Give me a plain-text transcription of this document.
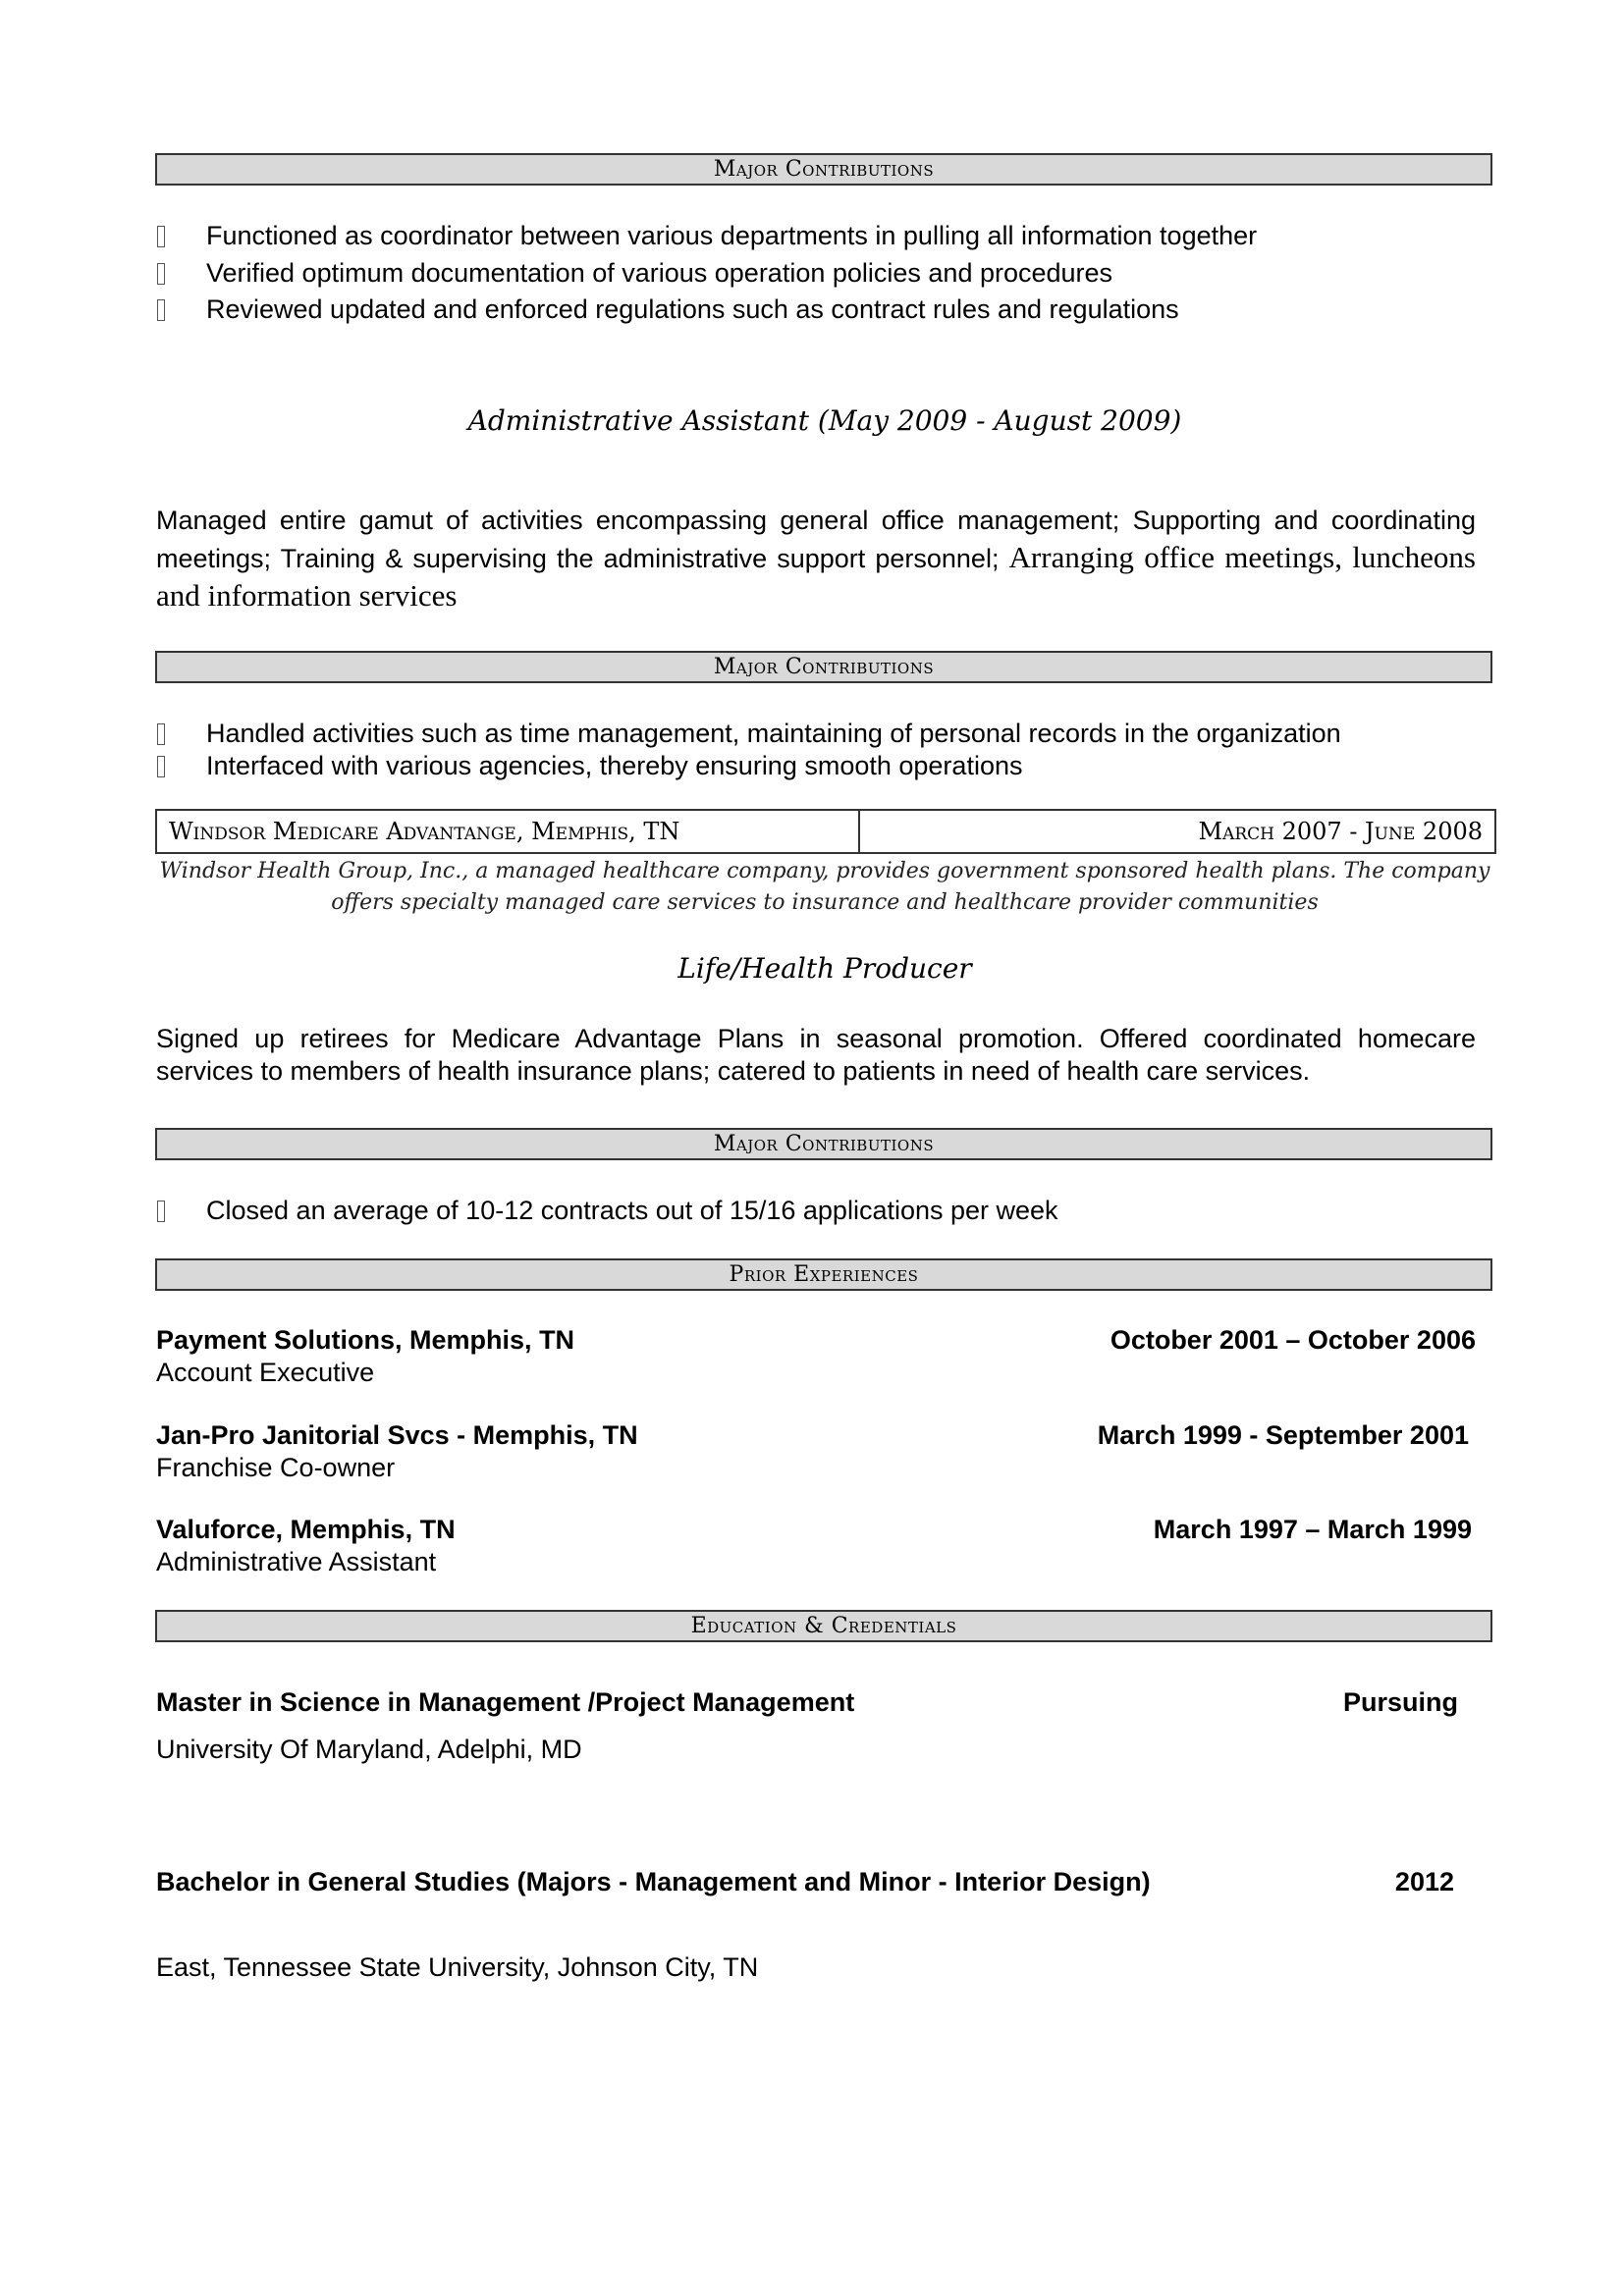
Major Contributions
Functioned as coordinator between various departments in pulling all information together
Verified optimum documentation of various operation policies and procedures
Reviewed updated and enforced regulations such as contract rules and regulations
Administrative Assistant (May 2009 - August 2009)
Managed entire gamut of activities encompassing general office management; Supporting and coordinating meetings; Training & supervising the administrative support personnel; Arranging office meetings, luncheons and information services
Major Contributions
Handled activities such as time management, maintaining of personal records in the organization
Interfaced with various agencies, thereby ensuring smooth operations
Windsor Medicare Advantange, Memphis, TN	March 2007 - June 2008
Windsor Health Group, Inc., a managed healthcare company, provides government sponsored health plans. The company offers specialty managed care services to insurance and healthcare provider communities
Life/Health Producer
Signed up retirees for Medicare Advantage Plans in seasonal promotion. Offered coordinated homecare services to members of health insurance plans; catered to patients in need of health care services.
Major Contributions
Closed an average of 10-12 contracts out of 15/16 applications per week
Prior Experiences
Payment Solutions, Memphis, TN	October 2001 – October 2006
Account Executive
Jan-Pro Janitorial Svcs - Memphis, TN	March 1999 - September 2001
Franchise Co-owner
Valuforce, Memphis, TN	March 1997 – March 1999
Administrative Assistant
Education & Credentials
Master in Science in Management /Project Management	Pursuing
University Of Maryland, Adelphi, MD
Bachelor in General Studies (Majors - Management and Minor - Interior Design)	2012
East, Tennessee State University, Johnson City, TN
